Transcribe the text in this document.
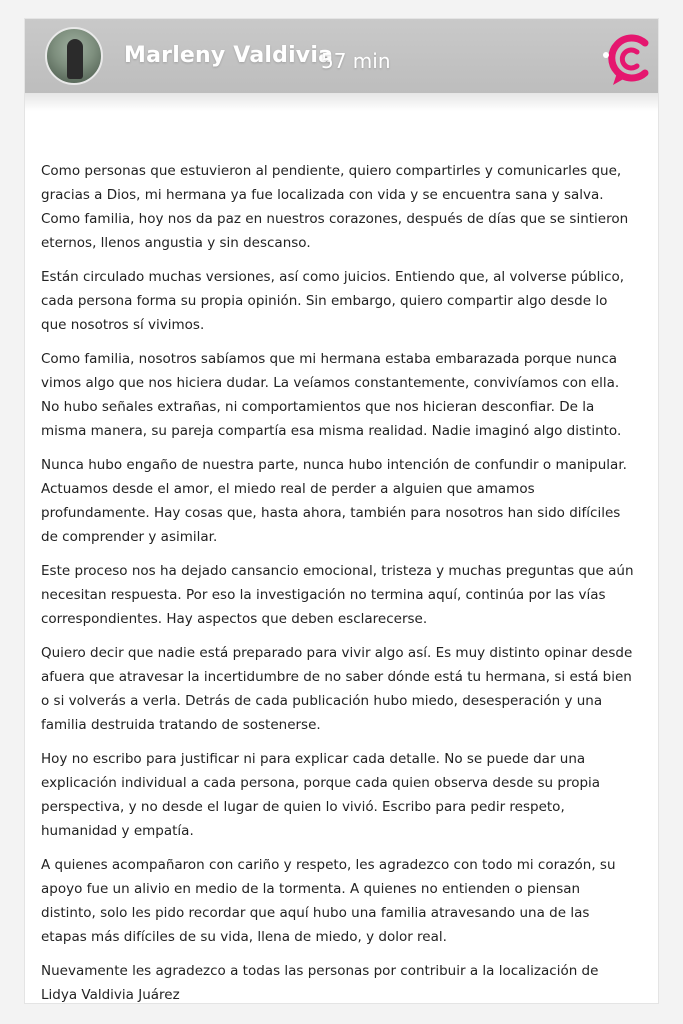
Marleny Valdivia
57 min

Como personas que estuvieron al pendiente, quiero compartirles y comunicarles que, gracias a Dios, mi hermana ya fue localizada con vida y se encuentra sana y salva. Como familia, hoy nos da paz en nuestros corazones, después de días que se sintieron eternos, llenos angustia y sin descanso.

Están circulado muchas versiones, así como juicios. Entiendo que, al volverse público, cada persona forma su propia opinión. Sin embargo, quiero compartir algo desde lo que nosotros sí vivimos.

Como familia, nosotros sabíamos que mi hermana estaba embarazada porque nunca vimos algo que nos hiciera dudar. La veíamos constantemente, convivíamos con ella. No hubo señales extrañas, ni comportamientos que nos hicieran desconfiar. De la misma manera, su pareja compartía esa misma realidad. Nadie imaginó algo distinto.

Nunca hubo engaño de nuestra parte, nunca hubo intención de confundir o manipular. Actuamos desde el amor, el miedo real de perder a alguien que amamos profundamente. Hay cosas que, hasta ahora, también para nosotros han sido difíciles de comprender y asimilar.

Este proceso nos ha dejado cansancio emocional, tristeza y muchas preguntas que aún necesitan respuesta. Por eso la investigación no termina aquí, continúa por las vías correspondientes. Hay aspectos que deben esclarecerse.

Quiero decir que nadie está preparado para vivir algo así. Es muy distinto opinar desde afuera que atravesar la incertidumbre de no saber dónde está tu hermana, si está bien o si volverás a verla. Detrás de cada publicación hubo miedo, desesperación y una familia destruida tratando de sostenerse.

Hoy no escribo para justificar ni para explicar cada detalle. No se puede dar una explicación individual a cada persona, porque cada quien observa desde su propia perspectiva, y no desde el lugar de quien lo vivió. Escribo para pedir respeto, humanidad y empatía.

A quienes acompañaron con cariño y respeto, les agradezco con todo mi corazón, su apoyo fue un alivio en medio de la tormenta. A quienes no entienden o piensan distinto, solo les pido recordar que aquí hubo una familia atravesando una de las etapas más difíciles de su vida, llena de miedo, y dolor real.

Nuevamente les agradezco a todas las personas por contribuir a la localización de Lidya Valdivia Juárez
